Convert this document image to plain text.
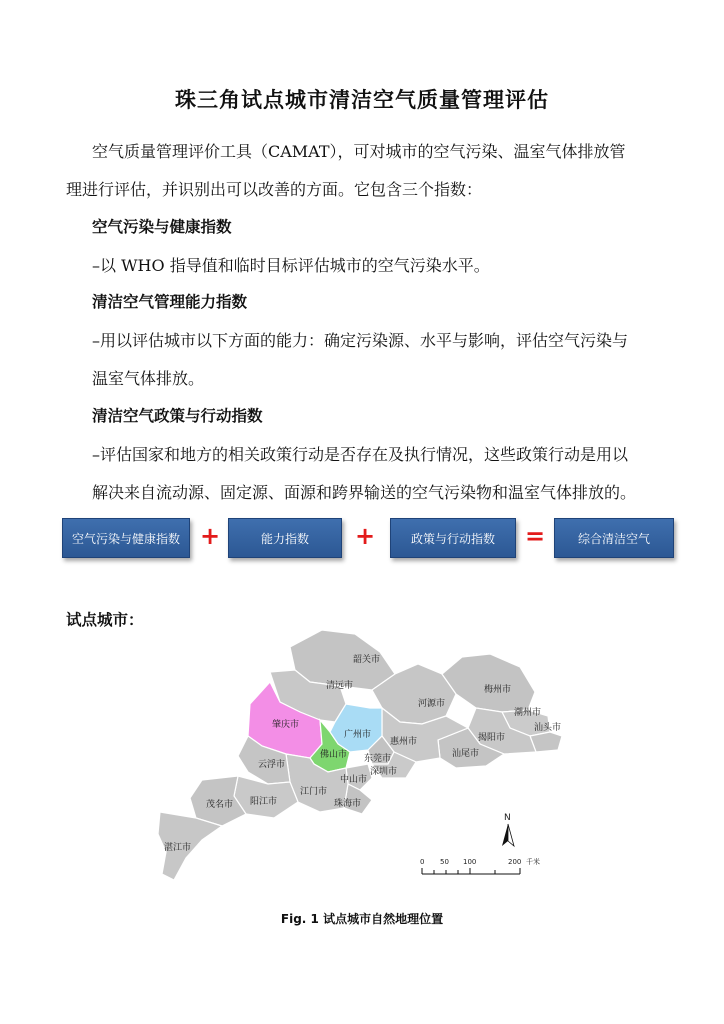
珠三角试点城市清洁空气质量管理评估
空气质量管理评价工具（CAMAT），可对城市的空气污染、温室气体排放管
理进行评估，并识别出可以改善的方面。它包含三个指数：
空气污染与健康指数
–以 WHO 指导值和临时目标评估城市的空气污染水平。
清洁空气管理能力指数
–用以评估城市以下方面的能力：确定污染源、水平与影响，评估空气污染与
温室气体排放。
清洁空气政策与行动指数
–评估国家和地方的相关政策行动是否存在及执行情况，这些政策行动是用以
解决来自流动源、固定源、面源和跨界输送的空气污染物和温室气体排放的。
空气污染与健康指数 +	能力指数	+	政策与行动指数	=	综合清洁空气
试点城市：
韶关市
清远市
河源市
梅州市
潮州市
汕头市
揭阳市
肇庆市
广州市
惠州市
汕尾市
佛山市 东莞市
云浮市
中山市
深圳市
江门市
珠海市
茂名市 阳江市
湛江市
N
0 50 100	200 千米
Fig. 1 试点城市自然地理位置
